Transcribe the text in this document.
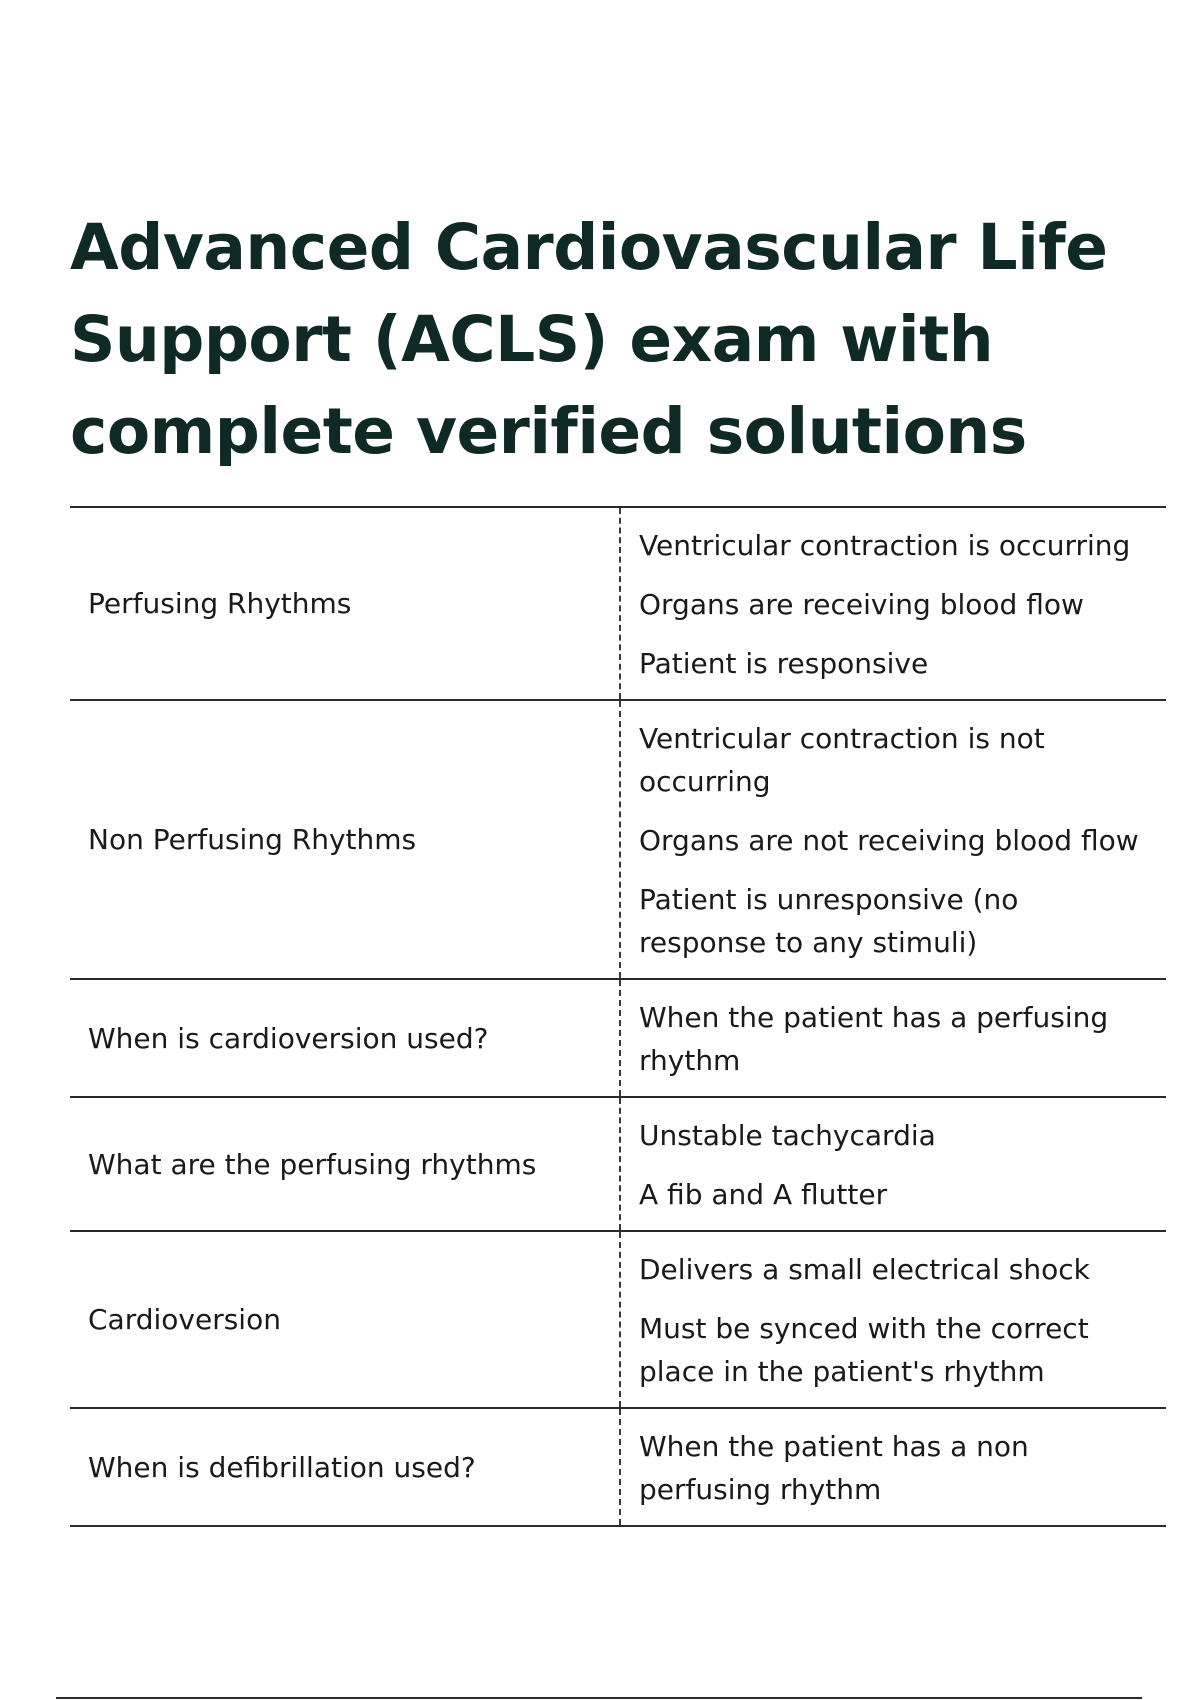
Advanced Cardiovascular Life Support (ACLS) exam with complete verified solutions
Perfusing Rhythms

Ventricular contraction is occurring

Organs are receiving blood flow

Patient is responsive

Non Perfusing Rhythms

Ventricular contraction is not occurring

Organs are not receiving blood flow

Patient is unresponsive (no response to any stimuli)

When is cardioversion used?

When the patient has a perfusing rhythm

What are the perfusing rhythms

Unstable tachycardia

A fib and A flutter

Cardioversion

Delivers a small electrical shock

Must be synced with the correct place in the patient's rhythm

When is defibrillation used?

When the patient has a non perfusing rhythm
